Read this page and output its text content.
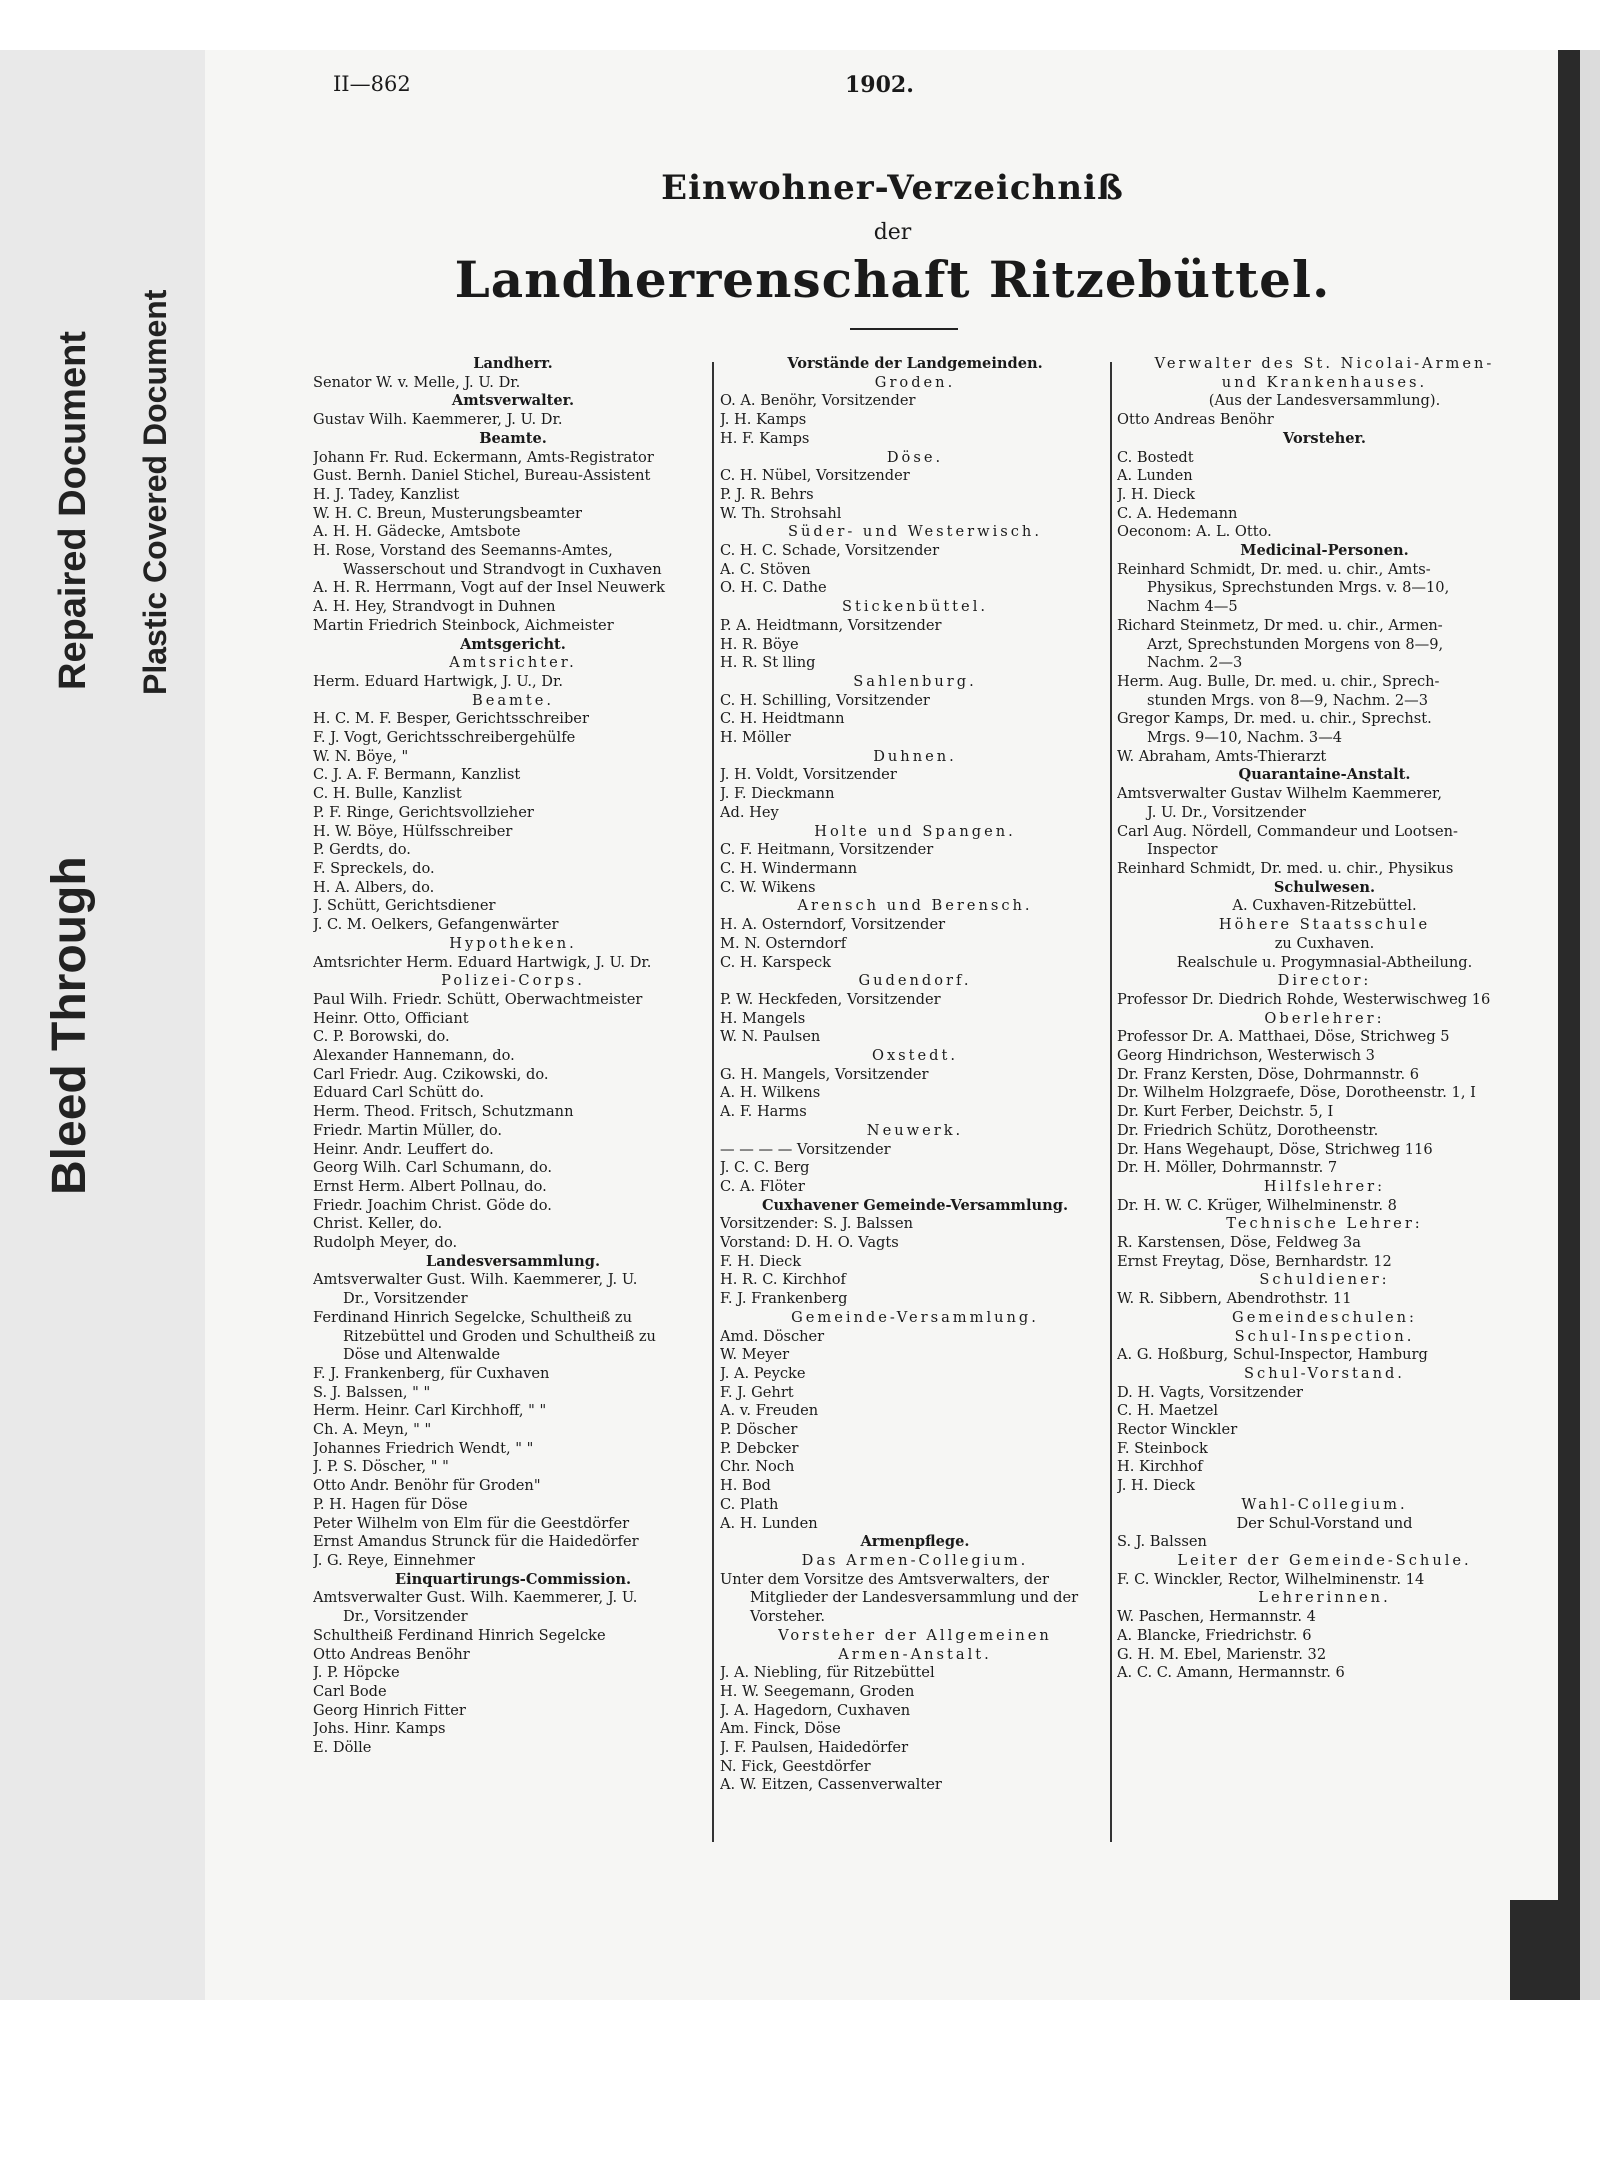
Bleed Through
Repaired Document Plastic Covered Document
II—862	1902.
Einwohner-Verzeichniß
der
Landherrenschaft Ritzebüttel.
Landherr.
Senator W. v. Melle, J. U. Dr.
Amtsverwalter.
Gustav Wilh. Kaemmerer, J. U. Dr.
Beamte.
Johann Fr. Rud. Eckermann, Amts-Registrator
Gust. Bernh. Daniel Stichel, Bureau-Assistent
H. J. Tadey, Kanzlist
W. H. C. Breun, Musterungsbeamter
A. H. H. Gädecke, Amtsbote
H. Rose, Vorstand des Seemanns-Amtes,
Wasserschout und Strandvogt in Cuxhaven
A. H. R. Herrmann, Vogt auf der Insel Neuwerk
A. H. Hey, Strandvogt in Duhnen
Martin Friedrich Steinbock, Aichmeister
Amtsgericht.
Amtsrichter.
Herm. Eduard Hartwigk, J. U., Dr.
Beamte.
H. C. M. F. Besper, Gerichtsschreiber
F. J. Vogt, Gerichtsschreibergehülfe
W. N. Böye, "
C. J. A. F. Bermann, Kanzlist
C. H. Bulle, Kanzlist
P. F. Ringe, Gerichtsvollzieher
H. W. Böye, Hülfsschreiber
P. Gerdts, do.
F. Spreckels, do.
H. A. Albers, do.
J. Schütt, Gerichtsdiener
J. C. M. Oelkers, Gefangenwärter
Hypotheken.
Amtsrichter Herm. Eduard Hartwigk, J. U. Dr.
Polizei-Corps.
Paul Wilh. Friedr. Schütt, Oberwachtmeister
Heinr. Otto, Officiant
C. P. Borowski, do.
Alexander Hannemann, do.
Carl Friedr. Aug. Czikowski, do.
Eduard Carl Schütt do.
Herm. Theod. Fritsch, Schutzmann
Friedr. Martin Müller, do.
Heinr. Andr. Leuffert do.
Georg Wilh. Carl Schumann, do.
Ernst Herm. Albert Pollnau, do.
Friedr. Joachim Christ. Göde do.
Christ. Keller, do.
Rudolph Meyer, do.
Landesversammlung.
Amtsverwalter Gust. Wilh. Kaemmerer, J. U.
Dr., Vorsitzender
Ferdinand Hinrich Segelcke, Schultheiß zu
Ritzebüttel und Groden und Schultheiß zu
Döse und Altenwalde
F. J. Frankenberg, für Cuxhaven
S. J. Balssen, " "
Herm. Heinr. Carl Kirchhoff, " "
Ch. A. Meyn, " "
Johannes Friedrich Wendt, " "
J. P. S. Döscher, " "
Otto Andr. Benöhr für Groden"
P. H. Hagen für Döse
Peter Wilhelm von Elm für die Geestdörfer
Ernst Amandus Strunck für die Haidedörfer
J. G. Reye, Einnehmer
Einquartirungs-Commission.
Amtsverwalter Gust. Wilh. Kaemmerer, J. U.
Dr., Vorsitzender
Schultheiß Ferdinand Hinrich Segelcke
Otto Andreas Benöhr
J. P. Höpcke
Carl Bode
Georg Hinrich Fitter
Johs. Hinr. Kamps
E. Dölle
Vorstände der Landgemeinden.
Groden.
O. A. Benöhr, Vorsitzender
J. H. Kamps
H. F. Kamps
Döse.
C. H. Nübel, Vorsitzender
P. J. R. Behrs
W. Th. Strohsahl
Süder- und Westerwisch.
C. H. C. Schade, Vorsitzender
A. C. Stöven
O. H. C. Dathe
Stickenbüttel.
P. A. Heidtmann, Vorsitzender
H. R. Böye
H. R. St lling
Sahlenburg.
C. H. Schilling, Vorsitzender
C. H. Heidtmann
H. Möller
Duhnen.
J. H. Voldt, Vorsitzender
J. F. Dieckmann
Ad. Hey
Holte und Spangen.
C. F. Heitmann, Vorsitzender
C. H. Windermann
C. W. Wikens
Arensch und Berensch.
H. A. Osterndorf, Vorsitzender
M. N. Osterndorf
C. H. Karspeck
Gudendorf.
P. W. Heckfeden, Vorsitzender
H. Mangels
W. N. Paulsen
Oxstedt.
G. H. Mangels, Vorsitzender
A. H. Wilkens
A. F. Harms
Neuwerk.
— — — — Vorsitzender
J. C. C. Berg
C. A. Flöter
Cuxhavener Gemeinde-Versammlung.
Vorsitzender: S. J. Balssen
Vorstand: D. H. O. Vagts
F. H. Dieck
H. R. C. Kirchhof
F. J. Frankenberg
Gemeinde-Versammlung.
Amd. Döscher
W. Meyer
J. A. Peycke
F. J. Gehrt
A. v. Freuden
P. Döscher
P. Debcker
Chr. Noch
H. Bod
C. Plath
A. H. Lunden
Armenpflege.
Das Armen-Collegium.
Unter dem Vorsitze des Amtsverwalters, der
Mitglieder der Landesversammlung und der
Vorsteher.
Vorsteher der Allgemeinen
Armen-Anstalt.
J. A. Niebling, für Ritzebüttel
H. W. Seegemann, Groden
J. A. Hagedorn, Cuxhaven
Am. Finck, Döse
J. F. Paulsen, Haidedörfer
N. Fick, Geestdörfer
A. W. Eitzen, Cassenverwalter
Verwalter des St. Nicolai-Armen-
und Krankenhauses.
(Aus der Landesversammlung).
Otto Andreas Benöhr
Vorsteher.
C. Bostedt
A. Lunden
J. H. Dieck
C. A. Hedemann
Oeconom: A. L. Otto.
Medicinal-Personen.
Reinhard Schmidt, Dr. med. u. chir., Amts-
Physikus, Sprechstunden Mrgs. v. 8—10,
Nachm 4—5
Richard Steinmetz, Dr med. u. chir., Armen-
Arzt, Sprechstunden Morgens von 8—9,
Nachm. 2—3
Herm. Aug. Bulle, Dr. med. u. chir., Sprech-
stunden Mrgs. von 8—9, Nachm. 2—3
Gregor Kamps, Dr. med. u. chir., Sprechst.
Mrgs. 9—10, Nachm. 3—4
W. Abraham, Amts-Thierarzt
Quarantaine-Anstalt.
Amtsverwalter Gustav Wilhelm Kaemmerer,
J. U. Dr., Vorsitzender
Carl Aug. Nördell, Commandeur und Lootsen-
Inspector
Reinhard Schmidt, Dr. med. u. chir., Physikus
Schulwesen.
A. Cuxhaven-Ritzebüttel.
Höhere Staatsschule
zu Cuxhaven.
Realschule u. Progymnasial-Abtheilung.
Director:
Professor Dr. Diedrich Rohde, Westerwischweg 16
Oberlehrer:
Professor Dr. A. Matthaei, Döse, Strichweg 5
Georg Hindrichson, Westerwisch 3
Dr. Franz Kersten, Döse, Dohrmannstr. 6
Dr. Wilhelm Holzgraefe, Döse, Dorotheenstr. 1, I
Dr. Kurt Ferber, Deichstr. 5, I
Dr. Friedrich Schütz, Dorotheenstr.
Dr. Hans Wegehaupt, Döse, Strichweg 116
Dr. H. Möller, Dohrmannstr. 7
Hilfslehrer:
Dr. H. W. C. Krüger, Wilhelminenstr. 8
Technische Lehrer:
R. Karstensen, Döse, Feldweg 3a
Ernst Freytag, Döse, Bernhardstr. 12
Schuldiener:
W. R. Sibbern, Abendrothstr. 11
Gemeindeschulen:
Schul-Inspection.
A. G. Hoßburg, Schul-Inspector, Hamburg
Schul-Vorstand.
D. H. Vagts, Vorsitzender
C. H. Maetzel
Rector Winckler
F. Steinbock
H. Kirchhof
J. H. Dieck
Wahl-Collegium.
Der Schul-Vorstand und
S. J. Balssen
Leiter der Gemeinde-Schule.
F. C. Winckler, Rector, Wilhelminenstr. 14
Lehrerinnen.
W. Paschen, Hermannstr. 4
A. Blancke, Friedrichstr. 6
G. H. M. Ebel, Marienstr. 32
A. C. C. Amann, Hermannstr. 6
